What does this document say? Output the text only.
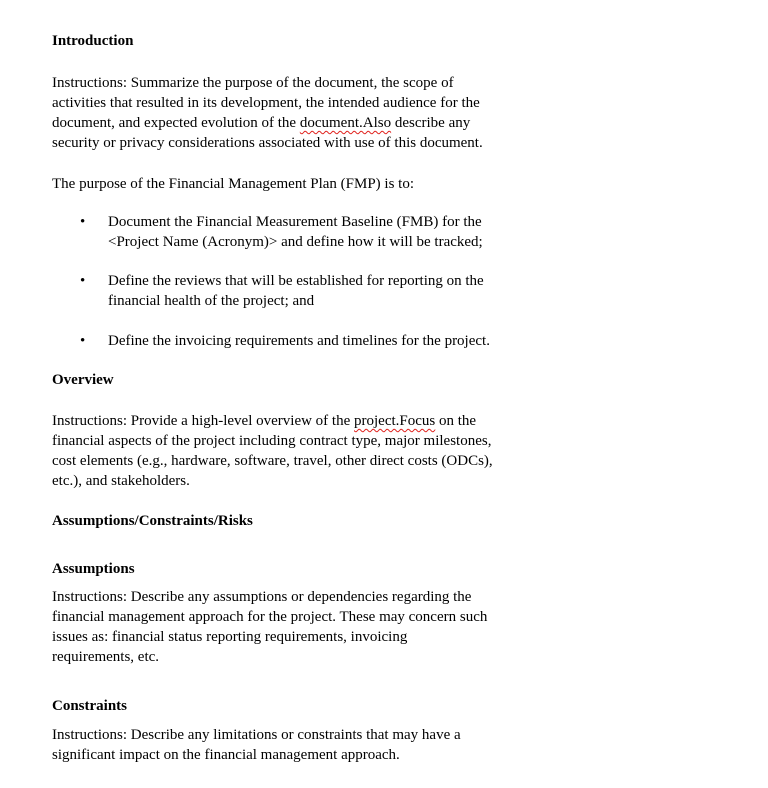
Introduction
Instructions: Summarize the purpose of the document, the scope of
activities that resulted in its development, the intended audience for the
document, and expected evolution of the document.Also describe any
security or privacy considerations associated with use of this document.
The purpose of the Financial Management Plan (FMP) is to:
• Document the Financial Measurement Baseline (FMB) for the
<Project Name (Acronym)> and define how it will be tracked;
• Define the reviews that will be established for reporting on the
financial health of the project; and
• Define the invoicing requirements and timelines for the project.
Overview
Instructions: Provide a high-level overview of the project.Focus on the
financial aspects of the project including contract type, major milestones,
cost elements (e.g., hardware, software, travel, other direct costs (ODCs),
etc.), and stakeholders.
Assumptions/Constraints/Risks
Assumptions
Instructions: Describe any assumptions or dependencies regarding the
financial management approach for the project. These may concern such
issues as: financial status reporting requirements, invoicing
requirements, etc.
Constraints
Instructions: Describe any limitations or constraints that may have a
significant impact on the financial management approach.
